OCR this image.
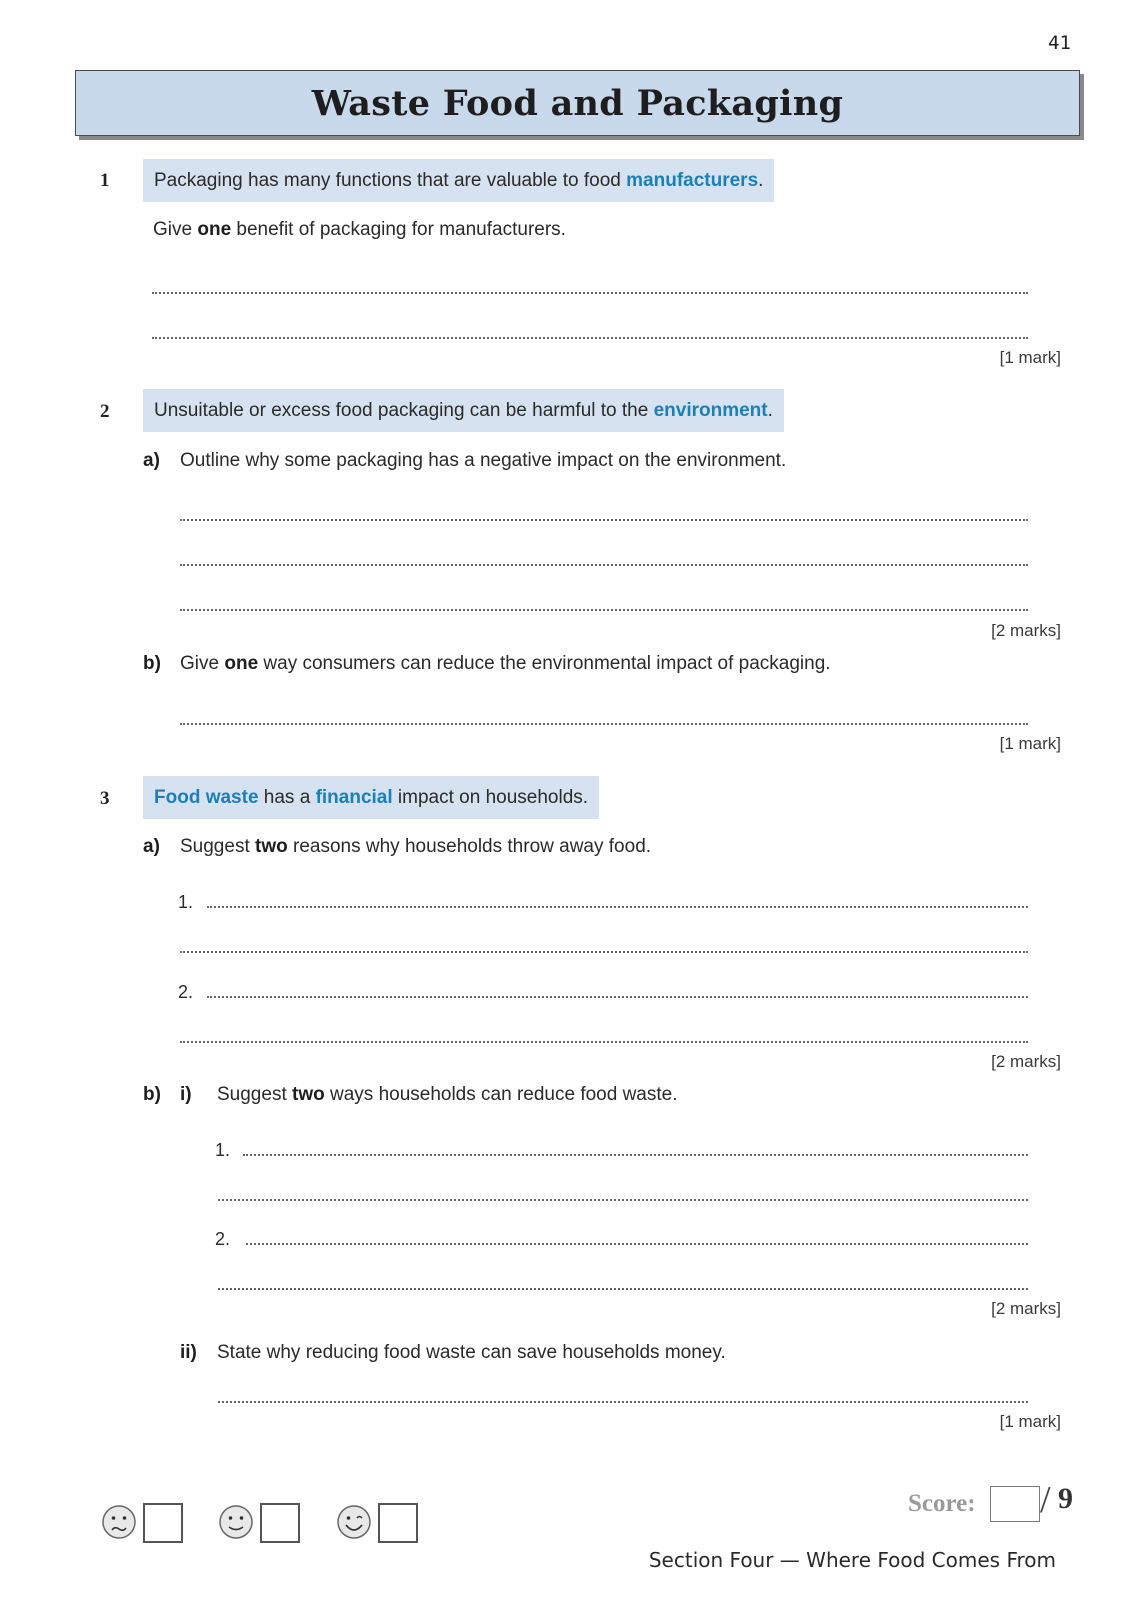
41
Waste Food and Packaging
1	Packaging has many functions that are valuable to food manufacturers.
Give one benefit of packaging for manufacturers.
[1 mark]
2	Unsuitable or excess food packaging can be harmful to the environment.
a) Outline why some packaging has a negative impact on the environment.
[2 marks]
b) Give one way consumers can reduce the environmental impact of packaging.
[1 mark]
3	Food waste has a financial impact on households.
a) Suggest two reasons why households throw away food.
1.
2.
[2 marks]
b) i) Suggest two ways households can reduce food waste.
1.
2.
[2 marks]
ii) State why reducing food waste can save households money.
[1 mark]
Score: / 9
Section Four — Where Food Comes From
